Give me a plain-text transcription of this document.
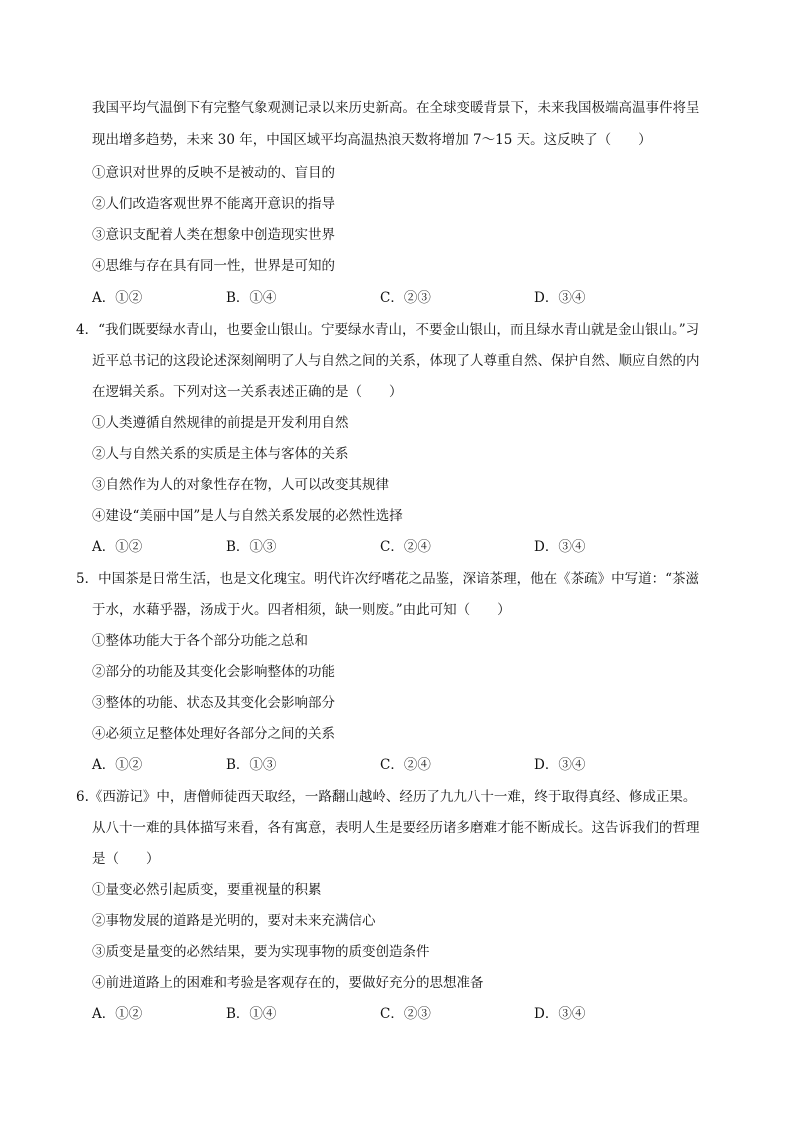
我国平均气温倒下有完整气象观测记录以来历史新高。在全球变暖背景下，未来我国极端高温事件将呈
现出增多趋势，未来 30 年，中国区域平均高温热浪天数将增加 7～15 天。这反映了（　　）
①意识对世界的反映不是被动的、盲目的
②人们改造客观世界不能离开意识的指导
③意识支配着人类在想象中创造现实世界
④思维与存在具有同一性，世界是可知的
A．①②	B．①④	C．②③	D．③④
4．“我们既要绿水青山，也要金山银山。宁要绿水青山，不要金山银山，而且绿水青山就是金山银山。”习
近平总书记的这段论述深刻阐明了人与自然之间的关系，体现了人尊重自然、保护自然、顺应自然的内
在逻辑关系。下列对这一关系表述正确的是（　　）
①人类遵循自然规律的前提是开发利用自然
②人与自然关系的实质是主体与客体的关系
③自然作为人的对象性存在物，人可以改变其规律
④建设“美丽中国”是人与自然关系发展的必然性选择
A．①②	B．①③	C．②④	D．③④
5．中国茶是日常生活，也是文化瑰宝。明代许次纾嗜花之品鉴，深谙茶理，他在《茶疏》中写道：“茶滋
于水，水藉乎器，汤成于火。四者相须，缺一则废。”由此可知（　　）
①整体功能大于各个部分功能之总和
②部分的功能及其变化会影响整体的功能
③整体的功能、状态及其变化会影响部分
④必须立足整体处理好各部分之间的关系
A．①②	B．①③	C．②④	D．③④
6.《西游记》中，唐僧师徒西天取经，一路翻山越岭、经历了九九八十一难，终于取得真经、修成正果。
从八十一难的具体描写来看，各有寓意，表明人生是要经历诸多磨难才能不断成长。这告诉我们的哲理
是（　　）
①量变必然引起质变，要重视量的积累
②事物发展的道路是光明的，要对未来充满信心
③质变是量变的必然结果，要为实现事物的质变创造条件
④前进道路上的困难和考验是客观存在的，要做好充分的思想准备
A．①②	B．①④	C．②③	D．③④
